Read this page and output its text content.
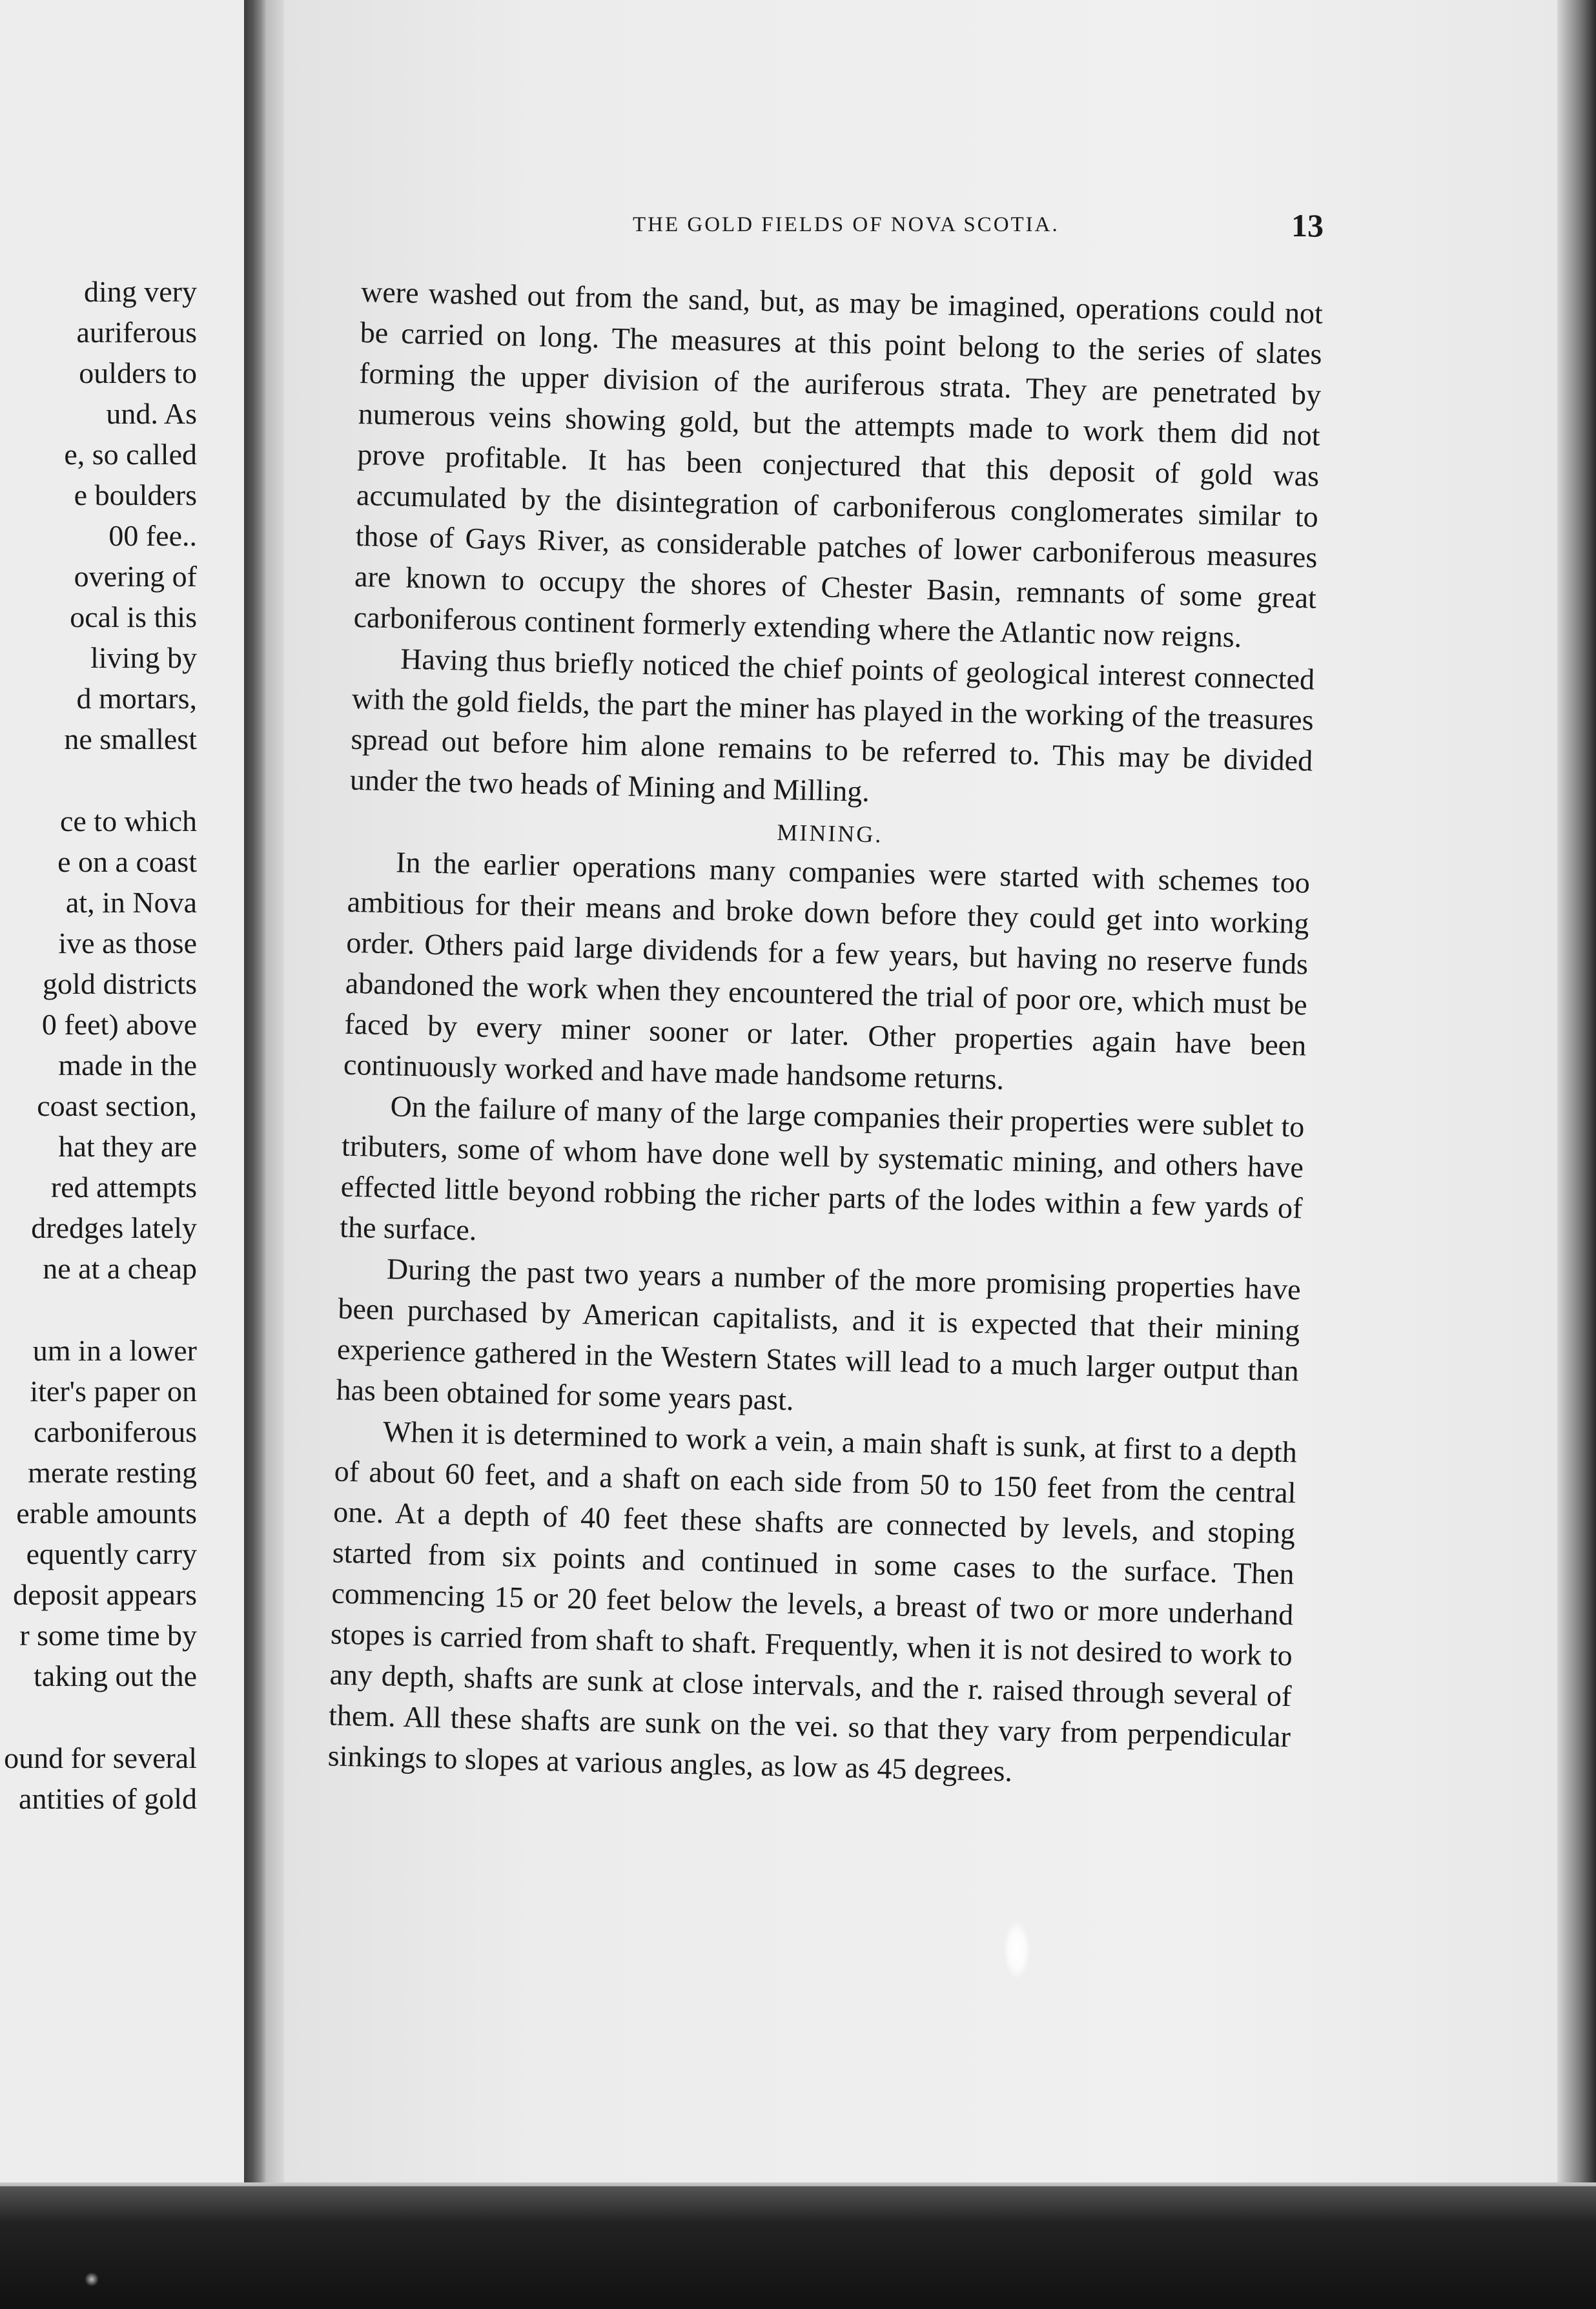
ding very
auriferous
oulders to
und. As
e, so called
e boulders
00 fee..
overing of
ocal is this
living by
d mortars,
ne smallest
ce to which
e on a coast
at, in Nova
ive as those
gold districts
0 feet) above
made in the
coast section,
hat they are
red attempts
dredges lately
ne at a cheap
um in a lower
iter's paper on
carboniferous
merate resting
erable amounts
equently carry
deposit appears
r some time by
taking out the
ound for several
antities of gold
THE GOLD FIELDS OF NOVA SCOTIA.	13

were washed out from the sand, but, as may be imagined, operations could not be carried on long. The measures at this point belong to the series of slates forming the upper division of the auriferous strata. They are penetrated by numerous veins showing gold, but the attempts made to work them did not prove profitable. It has been conjectured that this deposit of gold was accumulated by the disintegration of carboniferous conglomerates similar to those of Gays River, as considerable patches of lower carboniferous measures are known to occupy the shores of Chester Basin, remnants of some great carboniferous continent formerly extending where the Atlantic now reigns.

Having thus briefly noticed the chief points of geological interest connected with the gold fields, the part the miner has played in the working of the treasures spread out before him alone remains to be referred to. This may be divided under the two heads of Mining and Milling.

MINING.

In the earlier operations many companies were started with schemes too ambitious for their means and broke down before they could get into working order. Others paid large dividends for a few years, but having no reserve funds abandoned the work when they encountered the trial of poor ore, which must be faced by every miner sooner or later. Other properties again have been continuously worked and have made handsome returns.

On the failure of many of the large companies their properties were sublet to tributers, some of whom have done well by systematic mining, and others have effected little beyond robbing the richer parts of the lodes within a few yards of the surface.

During the past two years a number of the more promising properties have been purchased by American capitalists, and it is expected that their mining experience gathered in the Western States will lead to a much larger output than has been obtained for some years past.

When it is determined to work a vein, a main shaft is sunk, at first to a depth of about 60 feet, and a shaft on each side from 50 to 150 feet from the central one. At a depth of 40 feet these shafts are connected by levels, and stoping started from six points and continued in some cases to the surface. Then commencing 15 or 20 feet below the levels, a breast of two or more underhand stopes is carried from shaft to shaft. Frequently, when it is not desired to work to any depth, shafts are sunk at close intervals, and the r. raised through several of them. All these shafts are sunk on the vei. so that they vary from perpendicular sinkings to slopes at various angles, as low as 45 degrees.
